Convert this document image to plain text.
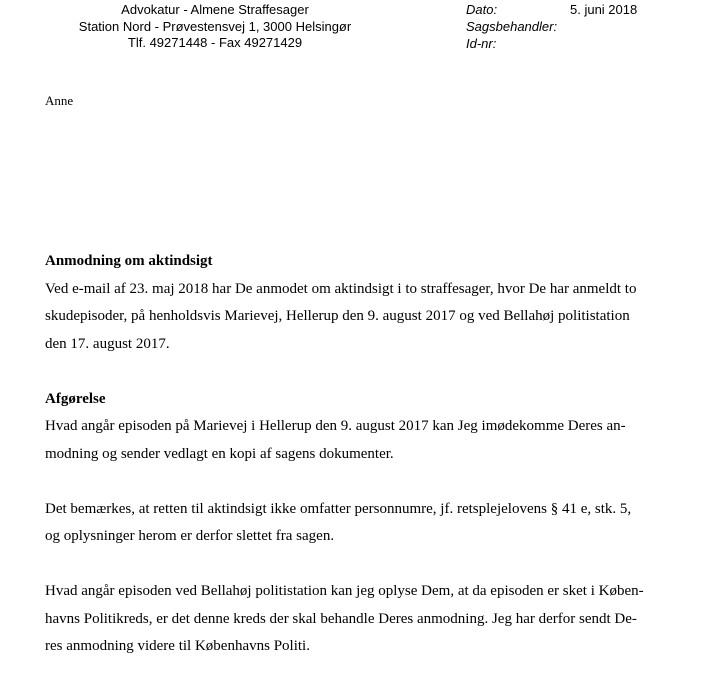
Advokatur - Almene Straffesager
Station Nord - Prøvestensvej 1, 3000 Helsingør
Tlf. 49271448 - Fax 49271429
Dato:	5. juni 2018
Sagsbehandler:
Id-nr:
Anne
Anmodning om aktindsigt

Ved e-mail af 23. maj 2018 har De anmodet om aktindsigt i to straffesager, hvor De har anmeldt to
skudepisoder, på henholdsvis Marievej, Hellerup den 9. august 2017 og ved Bellahøj politistation
den 17. august 2017.

Afgørelse

Hvad angår episoden på Marievej i Hellerup den 9. august 2017 kan Jeg imødekomme Deres an-
modning og sender vedlagt en kopi af sagens dokumenter.

Det bemærkes, at retten til aktindsigt ikke omfatter personnumre, jf. retsplejelovens § 41 e, stk. 5,
og oplysninger herom er derfor slettet fra sagen.

Hvad angår episoden ved Bellahøj politistation kan jeg oplyse Dem, at da episoden er sket i Køben-
havns Politikreds, er det denne kreds der skal behandle Deres anmodning. Jeg har derfor sendt De-
res anmodning videre til Københavns Politi.
